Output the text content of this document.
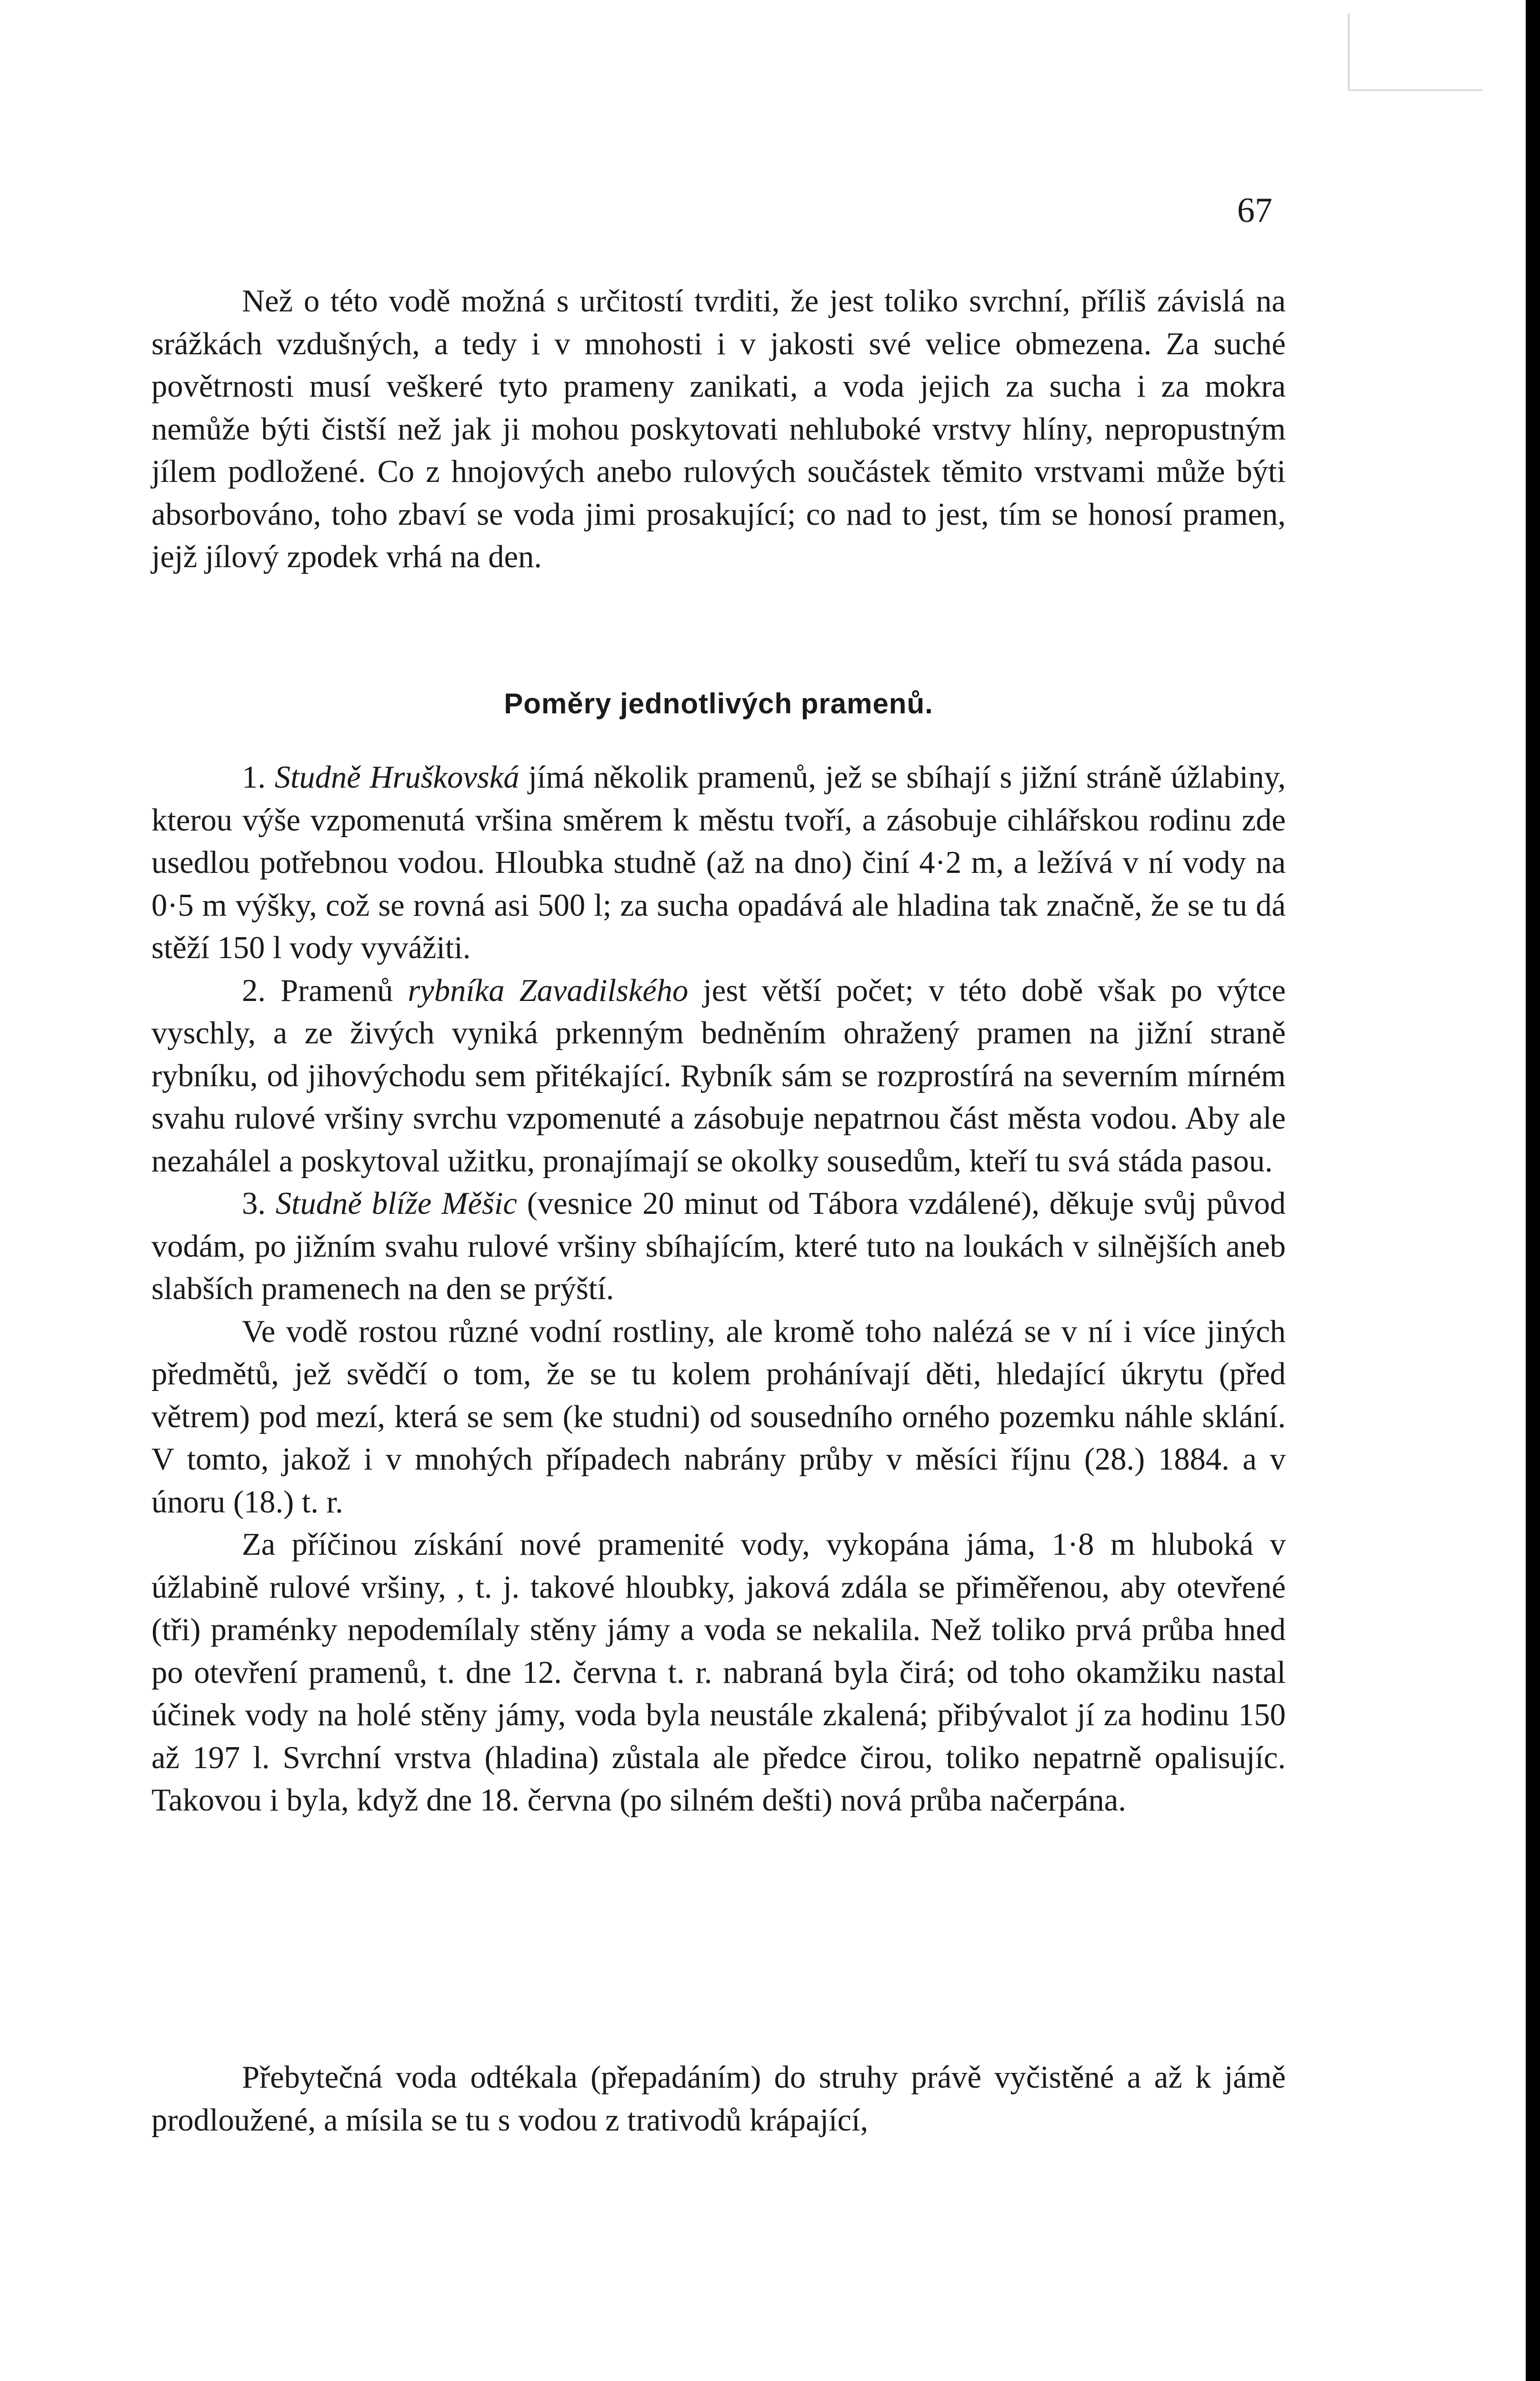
67

Než o této vodě možná s určitostí tvrditi, že jest toliko svrchní, příliš závislá na srážkách vzdušných, a tedy i v mnohosti i v jakosti své velice obmezena. Za suché povětrnosti musí veškeré tyto prameny zanikati, a voda jejich za sucha i za mokra nemůže býti čistší než jak ji mohou poskytovati nehluboké vrstvy hlíny, nepropustným jílem podložené. Co z hnojových anebo rulových součástek těmito vrstvami může býti absorbováno, toho zbaví se voda jimi prosakující; co nad to jest, tím se honosí pramen, jejž jílový zpodek vrhá na den.

Poměry jednotlivých pramenů.

1. Studně Hruškovská jímá několik pramenů, jež se sbíhají s jižní stráně úžlabiny, kterou výše vzpomenutá vršina směrem k městu tvoří, a zásobuje cihlářskou rodinu zde usedlou potřebnou vodou. Hloubka studně (až na dno) činí 4·2 m, a ležívá v ní vody na 0·5 m výšky, což se rovná asi 500 l; za sucha opadává ale hladina tak značně, že se tu dá stěží 150 l vody vyvážiti.

2. Pramenů rybníka Zavadilského jest větší počet; v této době však po výtce vyschly, a ze živých vyniká prkenným bedněním ohražený pramen na jižní straně rybníku, od jihovýchodu sem přitékající. Rybník sám se rozprostírá na severním mírném svahu rulové vršiny svrchu vzpomenuté a zásobuje nepatrnou část města vodou. Aby ale nezahálel a poskytoval užitku, pronajímají se okolky sousedům, kteří tu svá stáda pasou.

3. Studně blíže Měšic (vesnice 20 minut od Tábora vzdálené), děkuje svůj původ vodám, po jižním svahu rulové vršiny sbíhajícím, které tuto na loukách v silnějších aneb slabších pramenech na den se prýští.

Ve vodě rostou různé vodní rostliny, ale kromě toho nalézá se v ní i více jiných předmětů, jež svědčí o tom, že se tu kolem prohánívají děti, hledající úkrytu (před větrem) pod mezí, která se sem (ke studni) od sousedního orného pozemku náhle sklání. V tomto, jakož i v mnohých případech nabrány průby v měsíci říjnu (28.) 1884. a v únoru (18.) t. r.

Za příčinou získání nové pramenité vody, vykopána jáma, 1·8 m hluboká v úžlabině rulové vršiny, , t. j. takové hloubky, jaková zdála se přiměřenou, aby otevřené (tři) praménky nepodemílaly stěny jámy a voda se nekalila. Než toliko prvá průba hned po otevření pramenů, t. dne 12. června t. r. nabraná byla čirá; od toho okamžiku nastal účinek vody na holé stěny jámy, voda byla neustále zkalená; přibývalot jí za hodinu 150 až 197 l. Svrchní vrstva (hladina) zůstala ale předce čirou, toliko nepatrně opalisujíc. Takovou i byla, když dne 18. června (po silném dešti) nová průba načerpána.

Přebytečná voda odtékala (přepadáním) do struhy právě vyčistěné a až k jámě prodloužené, a mísila se tu s vodou z trativodů krápající,
